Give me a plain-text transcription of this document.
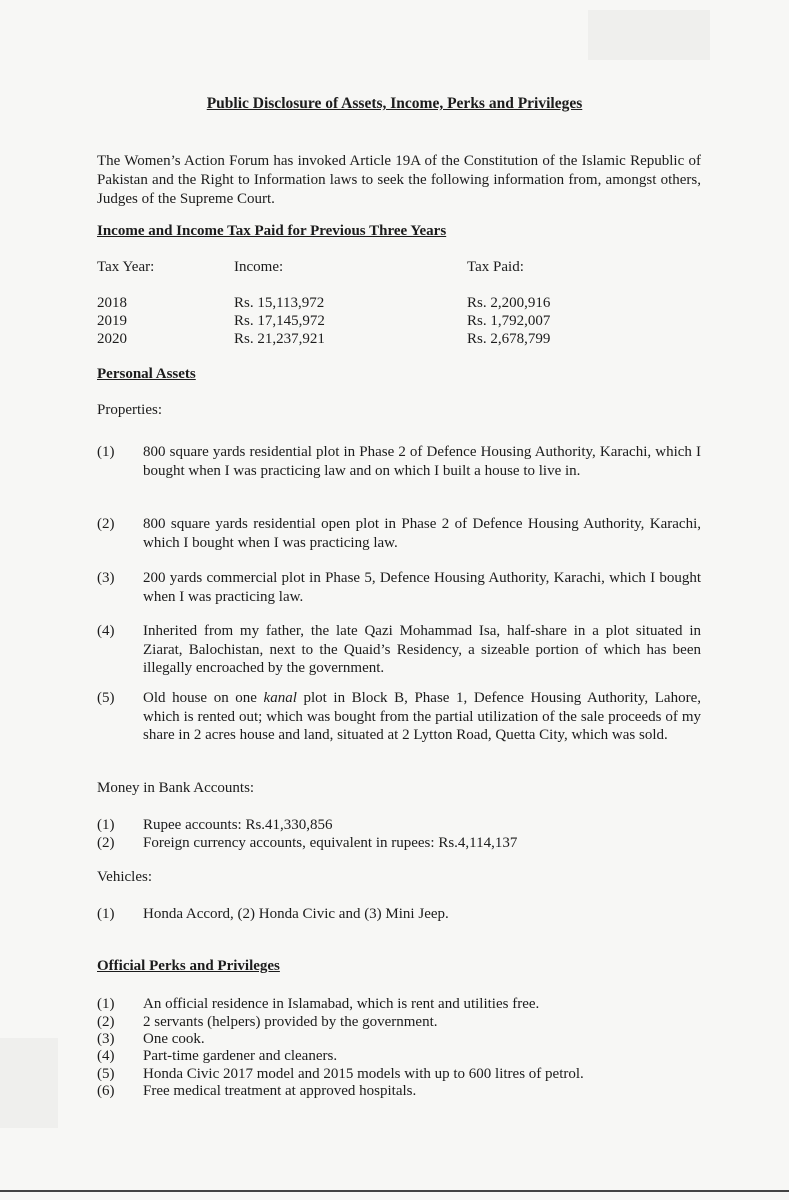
Public Disclosure of Assets, Income, Perks and Privileges
The Women’s Action Forum has invoked Article 19A of the Constitution of the Islamic Republic of Pakistan and the Right to Information laws to seek the following information from, amongst others, Judges of the Supreme Court.
Income and Income Tax Paid for Previous Three Years
Tax Year:	Income:	Tax Paid:
2018	Rs. 15,113,972	Rs. 2,200,916
2019	Rs. 17,145,972	Rs. 1,792,007
2020	Rs. 21,237,921	Rs. 2,678,799
Personal Assets
Properties:
(1) 800 square yards residential plot in Phase 2 of Defence Housing Authority, Karachi, which I bought when I was practicing law and on which I built a house to live in.
(2) 800 square yards residential open plot in Phase 2 of Defence Housing Authority, Karachi, which I bought when I was practicing law.
(3) 200 yards commercial plot in Phase 5, Defence Housing Authority, Karachi, which I bought when I was practicing law.
(4) Inherited from my father, the late Qazi Mohammad Isa, half-share in a plot situated in Ziarat, Balochistan, next to the Quaid’s Residency, a sizeable portion of which has been illegally encroached by the government.
(5) Old house on one kanal plot in Block B, Phase 1, Defence Housing Authority, Lahore, which is rented out; which was bought from the partial utilization of the sale proceeds of my share in 2 acres house and land, situated at 2 Lytton Road, Quetta City, which was sold.
Money in Bank Accounts:
(1) Rupee accounts: Rs.41,330,856
(2) Foreign currency accounts, equivalent in rupees: Rs.4,114,137
Vehicles:
(1) Honda Accord, (2) Honda Civic and (3) Mini Jeep.
Official Perks and Privileges
(1) An official residence in Islamabad, which is rent and utilities free.
(2) 2 servants (helpers) provided by the government.
(3) One cook.
(4) Part-time gardener and cleaners.
(5) Honda Civic 2017 model and 2015 models with up to 600 litres of petrol.
(6) Free medical treatment at approved hospitals.
